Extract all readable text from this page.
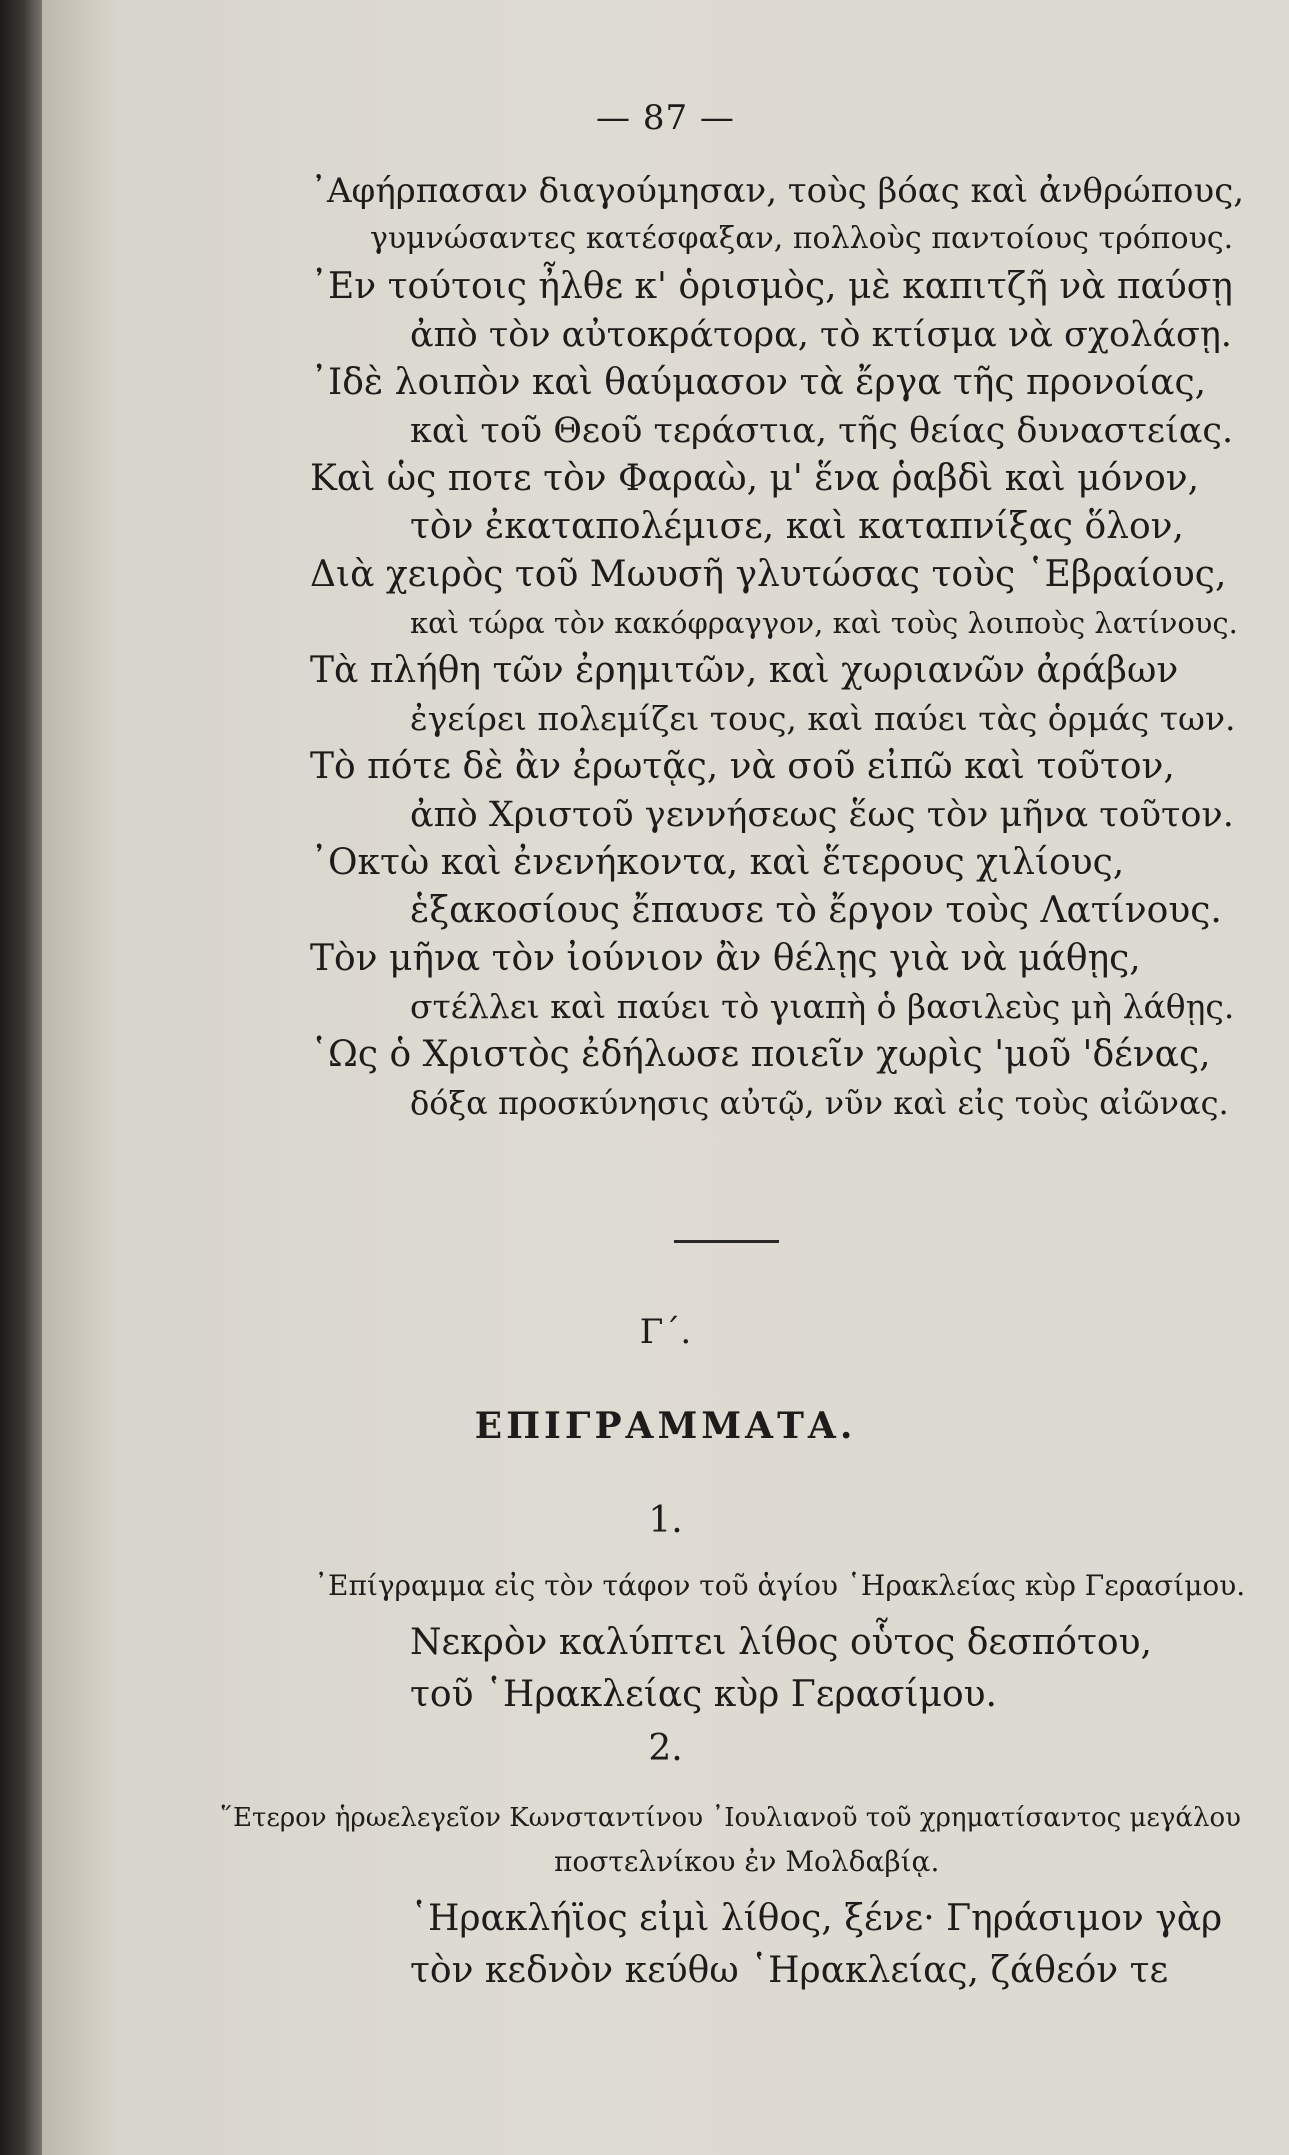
— 87 —
᾿Αφήρπασαν διαγούμησαν, τοὺς βόας καὶ ἀνθρώπους,
γυμνώσαντες κατέσφαξαν, πολλοὺς παντοίους τρόπους.
᾿Εν τούτοις ἦλθε κ' ὁρισμὸς, μὲ καπιτζῆ νὰ παύσῃ
ἀπὸ τὸν αὐτοκράτορα, τὸ κτίσμα νὰ σχολάσῃ.
᾿Ιδὲ λοιπὸν καὶ θαύμασον τὰ ἔργα τῆς προνοίας,
καὶ τοῦ Θεοῦ τεράστια, τῆς θείας δυναστείας.
Καὶ ὡς ποτε τὸν Φαραὼ, μ' ἕνα ῥαβδὶ καὶ μόνον,
τὸν ἐκαταπολέμισε, καὶ καταπνίξας ὅλον,
Διὰ χειρὸς τοῦ Μωυσῆ γλυτώσας τοὺς ῾Εβραίους,
καὶ τώρα τὸν κακόφραγγον, καὶ τοὺς λοιποὺς λατίνους.
Τὰ πλήθη τῶν ἐρημιτῶν, καὶ χωριανῶν ἀράβων
ἐγείρει πολεμίζει τους, καὶ παύει τὰς ὁρμάς των.
Τὸ πότε δὲ ἂν ἐρωτᾷς, νὰ σοῦ εἰπῶ καὶ τοῦτον,
ἀπὸ Χριστοῦ γεννήσεως ἕως τὸν μῆνα τοῦτον.
᾿Οκτὼ καὶ ἐνενήκοντα, καὶ ἕτερους χιλίους,
ἑξακοσίους ἔπαυσε τὸ ἔργον τοὺς Λατίνους.
Τὸν μῆνα τὸν ἰούνιον ἂν θέλῃς γιὰ νὰ μάθῃς,
στέλλει καὶ παύει τὸ γιαπὴ ὁ βασιλεὺς μὴ λάθῃς.
῾Ως ὁ Χριστὸς ἐδήλωσε ποιεῖν χωρὶς 'μοῦ 'δένας,
δόξα προσκύνησις αὐτῷ, νῦν καὶ εἰς τοὺς αἰῶνας.
Γ΄.
ΕΠΙΓΡΑΜΜΑΤΑ.
1.
᾿Επίγραμμα εἰς τὸν τάφον τοῦ ἁγίου ῾Ηρακλείας κὺρ Γερασίμου.
Νεκρὸν καλύπτει λίθος οὗτος δεσπότου,
τοῦ ῾Ηρακλείας κὺρ Γερασίμου.
2.
῞Ετερον ἡρωελεγεῖον Κωνσταντίνου ᾿Ιουλιανοῦ τοῦ χρηματίσαντος μεγάλου
ποστελνίκου ἐν Μολδαβίᾳ.
῾Ηρακλήϊος εἰμὶ λίθος, ξένε· Γηράσιμον γὰρ
τὸν κεδνὸν κεύθω ῾Ηρακλείας, ζάθεόν τε
